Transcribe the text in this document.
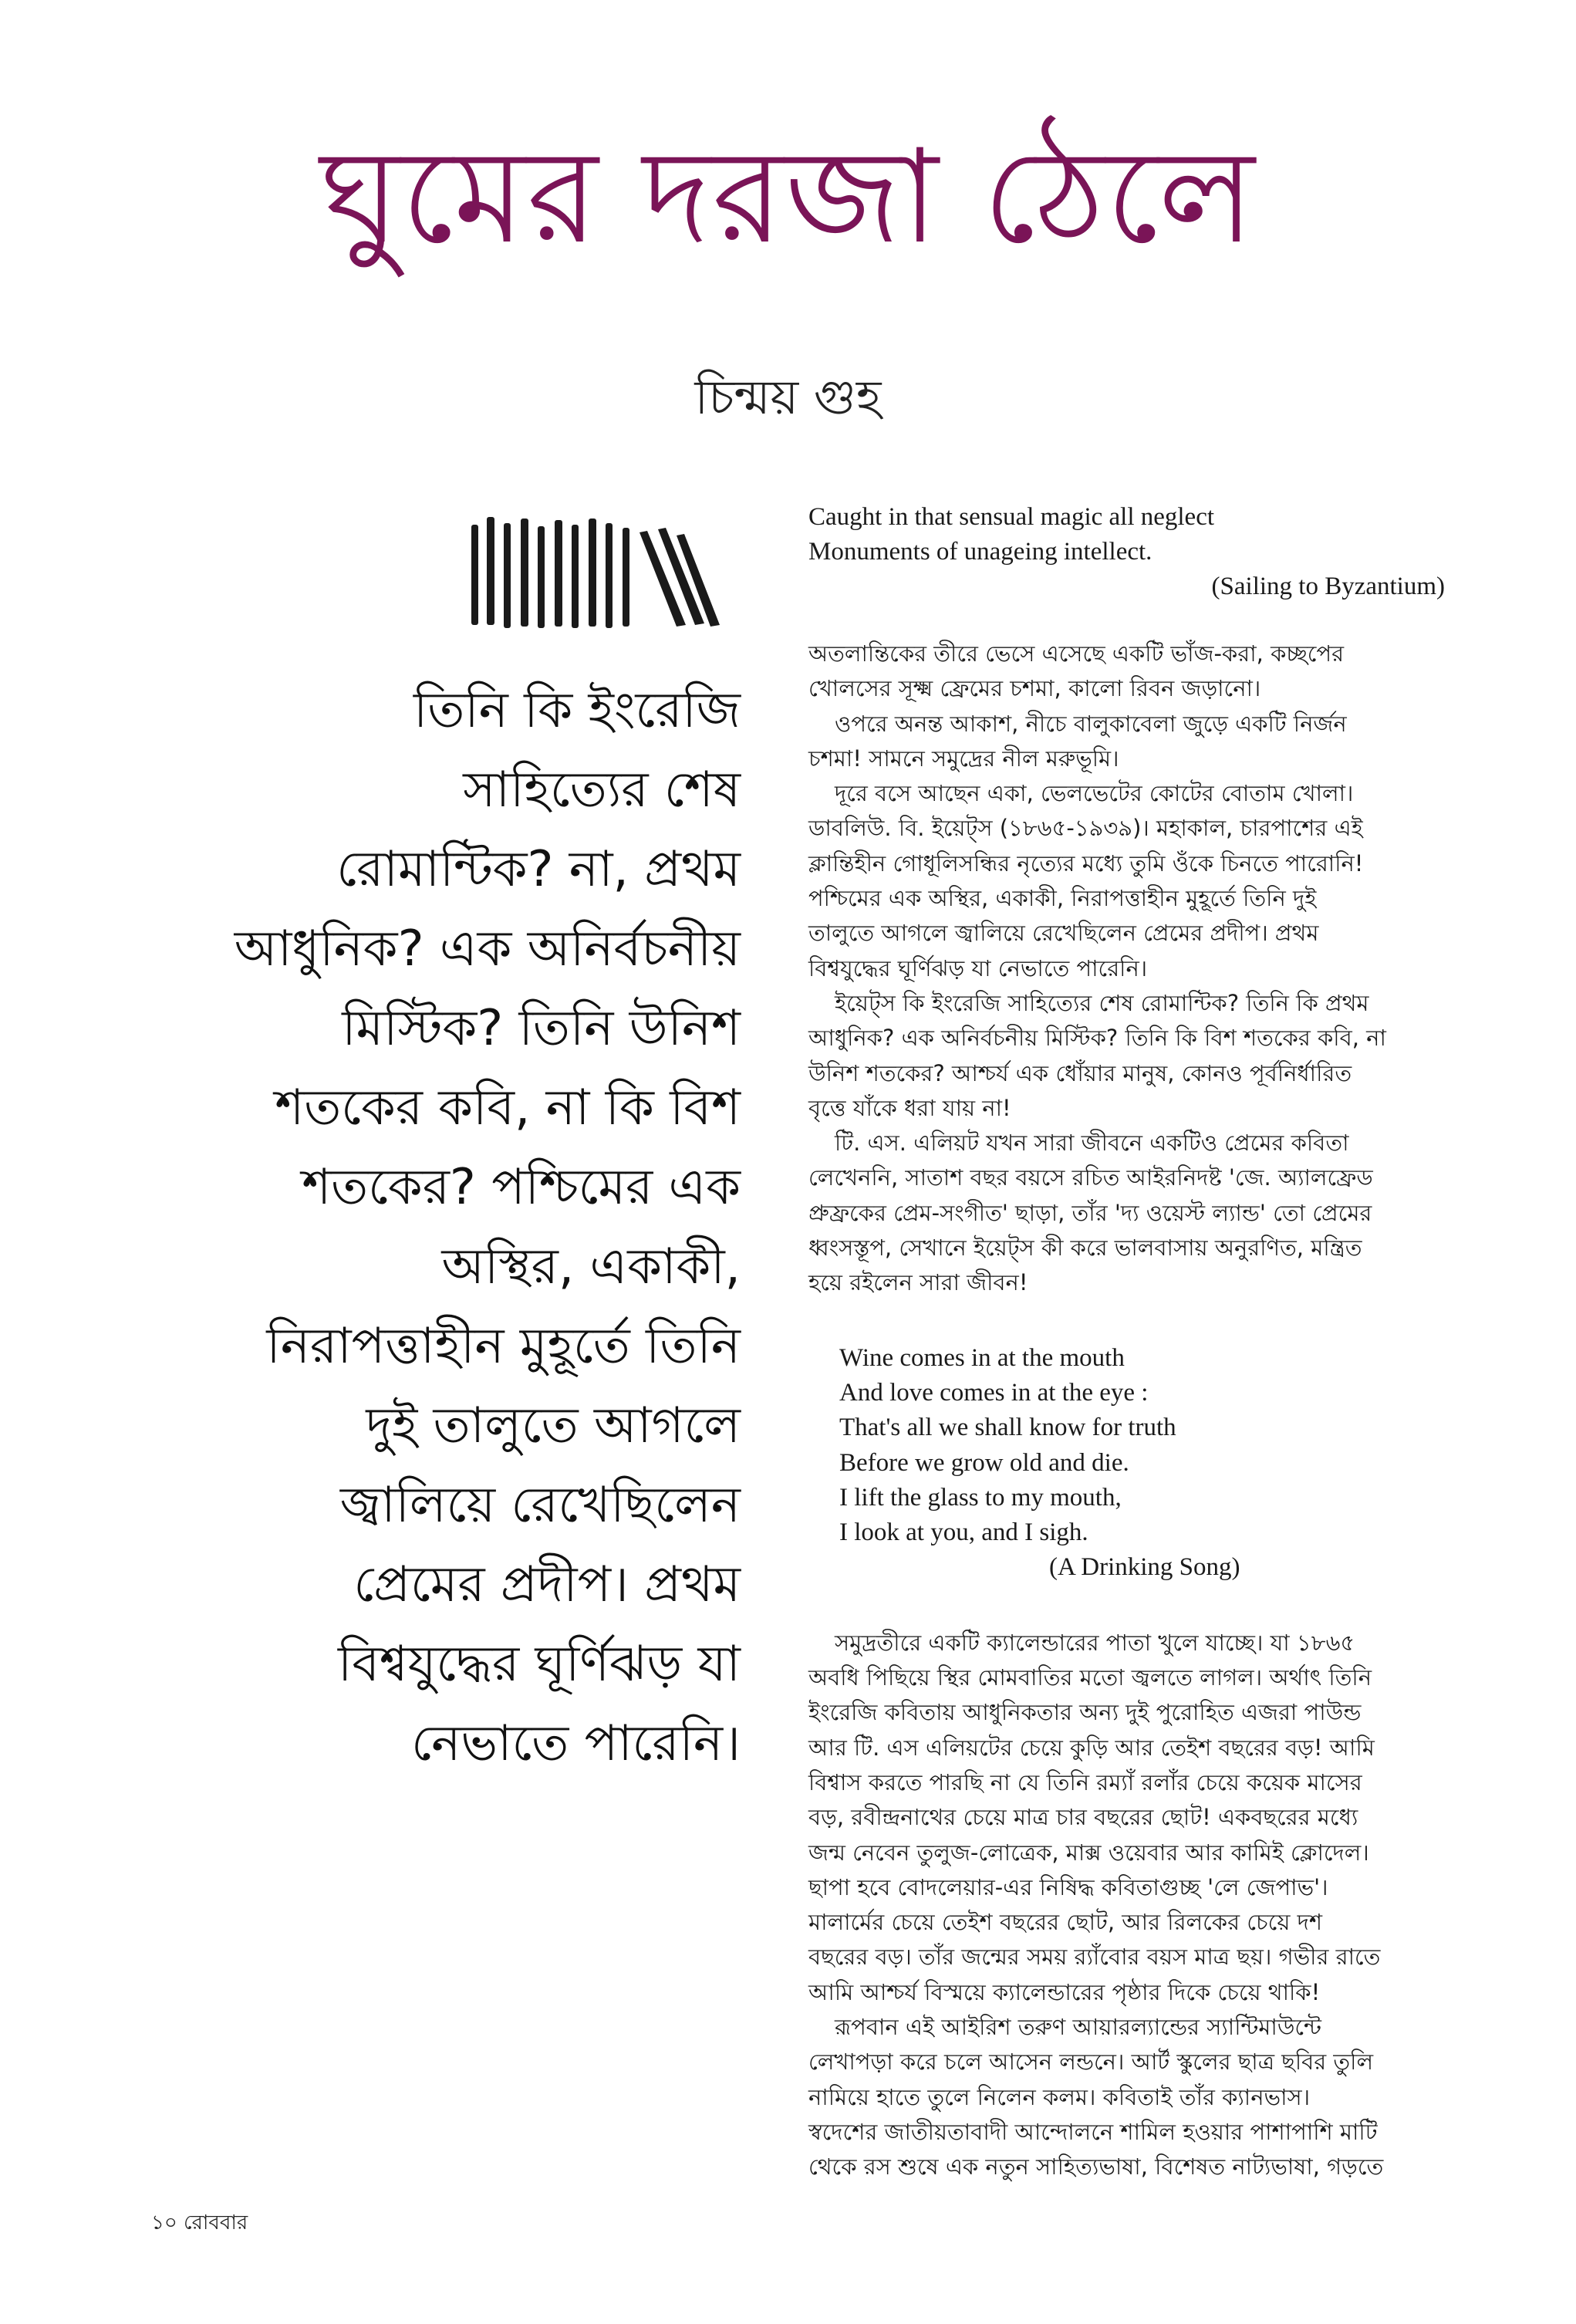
ঘুমের দরজা ঠেলে
চিন্ময় গুহ
তিনি কি ইংরেজি
সাহিত্যের শেষ
রোমান্টিক? না, প্রথম
আধুনিক? এক অনির্বচনীয়
মিস্টিক? তিনি উনিশ
শতকের কবি, না কি বিশ
শতকের? পশ্চিমের এক
অস্থির, একাকী,
নিরাপত্তাহীন মুহূর্তে তিনি
দুই তালুতে আগলে
জ্বালিয়ে রেখেছিলেন
প্রেমের প্রদীপ। প্রথম
বিশ্বযুদ্ধের ঘূর্ণিঝড় যা
নেভাতে পারেনি।
Caught in that sensual magic all neglect
Monuments of unageing intellect.
(Sailing to Byzantium)
অতলান্তিকের তীরে ভেসে এসেছে একটি ভাঁজ-করা, কচ্ছপের
খোলসের সূক্ষ্ম ফ্রেমের চশমা, কালো রিবন জড়ানো।
ওপরে অনন্ত আকাশ, নীচে বালুকাবেলা জুড়ে একটি নির্জন
চশমা! সামনে সমুদ্রের নীল মরুভূমি।
দূরে বসে আছেন একা, ভেলভেটের কোটের বোতাম খোলা।
ডাবলিউ. বি. ইয়েট্‌স (১৮৬৫-১৯৩৯)। মহাকাল, চারপাশের এই
ক্লান্তিহীন গোধূলিসন্ধির নৃত্যের মধ্যে তুমি ওঁকে চিনতে পারোনি!
পশ্চিমের এক অস্থির, একাকী, নিরাপত্তাহীন মুহূর্তে তিনি দুই
তালুতে আগলে জ্বালিয়ে রেখেছিলেন প্রেমের প্রদীপ। প্রথম
বিশ্বযুদ্ধের ঘূর্ণিঝড় যা নেভাতে পারেনি।
ইয়েট্‌স কি ইংরেজি সাহিত্যের শেষ রোমান্টিক? তিনি কি প্রথম
আধুনিক? এক অনির্বচনীয় মিস্টিক? তিনি কি বিশ শতকের কবি, না
উনিশ শতকের? আশ্চর্য এক ধোঁয়ার মানুষ, কোনও পূর্বনির্ধারিত
বৃত্তে যাঁকে ধরা যায় না!
টি. এস. এলিয়ট যখন সারা জীবনে একটিও প্রেমের কবিতা
লেখেননি, সাতাশ বছর বয়সে রচিত আইরনিদষ্ট 'জে. অ্যালফ্রেড
প্রুফ্রকের প্রেম-সংগীত' ছাড়া, তাঁর 'দ্য ওয়েস্ট ল্যান্ড' তো প্রেমের
ধ্বংসস্তূপ, সেখানে ইয়েট্‌স কী করে ভালবাসায় অনুরণিত, মন্ত্রিত
হয়ে রইলেন সারা জীবন!
Wine comes in at the mouth
And love comes in at the eye :
That's all we shall know for truth
Before we grow old and die.
I lift the glass to my mouth,
I look at you, and I sigh.
(A Drinking Song)
সমুদ্রতীরে একটি ক্যালেন্ডারের পাতা খুলে যাচ্ছে। যা ১৮৬৫
অবধি পিছিয়ে স্থির মোমবাতির মতো জ্বলতে লাগল। অর্থাৎ তিনি
ইংরেজি কবিতায় আধুনিকতার অন্য দুই পুরোহিত এজরা পাউন্ড
আর টি. এস এলিয়টের চেয়ে কুড়ি আর তেইশ বছরের বড়! আমি
বিশ্বাস করতে পারছি না যে তিনি রম্যাঁ রলাঁর চেয়ে কয়েক মাসের
বড়, রবীন্দ্রনাথের চেয়ে মাত্র চার বছরের ছোট! একবছরের মধ্যে
জন্ম নেবেন তুলুজ-লোত্রেক, মাক্স ওয়েবার আর কামিই ক্লোদেল।
ছাপা হবে বোদলেয়ার-এর নিষিদ্ধ কবিতাগুচ্ছ 'লে জেপাভ'।
মালার্মের চেয়ে তেইশ বছরের ছোট, আর রিলকের চেয়ে দশ
বছরের বড়। তাঁর জন্মের সময় র‍্যাঁবোর বয়স মাত্র ছয়। গভীর রাতে
আমি আশ্চর্য বিস্ময়ে ক্যালেন্ডারের পৃষ্ঠার দিকে চেয়ে থাকি!
রূপবান এই আইরিশ তরুণ আয়ারল্যান্ডের স্যান্টিমাউন্টে
লেখাপড়া করে চলে আসেন লন্ডনে। আর্ট স্কুলের ছাত্র ছবির তুলি
নামিয়ে হাতে তুলে নিলেন কলম। কবিতাই তাঁর ক্যানভাস।
স্বদেশের জাতীয়তাবাদী আন্দোলনে শামিল হওয়ার পাশাপাশি মাটি
থেকে রস শুষে এক নতুন সাহিত্যভাষা, বিশেষত নাট্যভাষা, গড়তে
১০ রোববার
